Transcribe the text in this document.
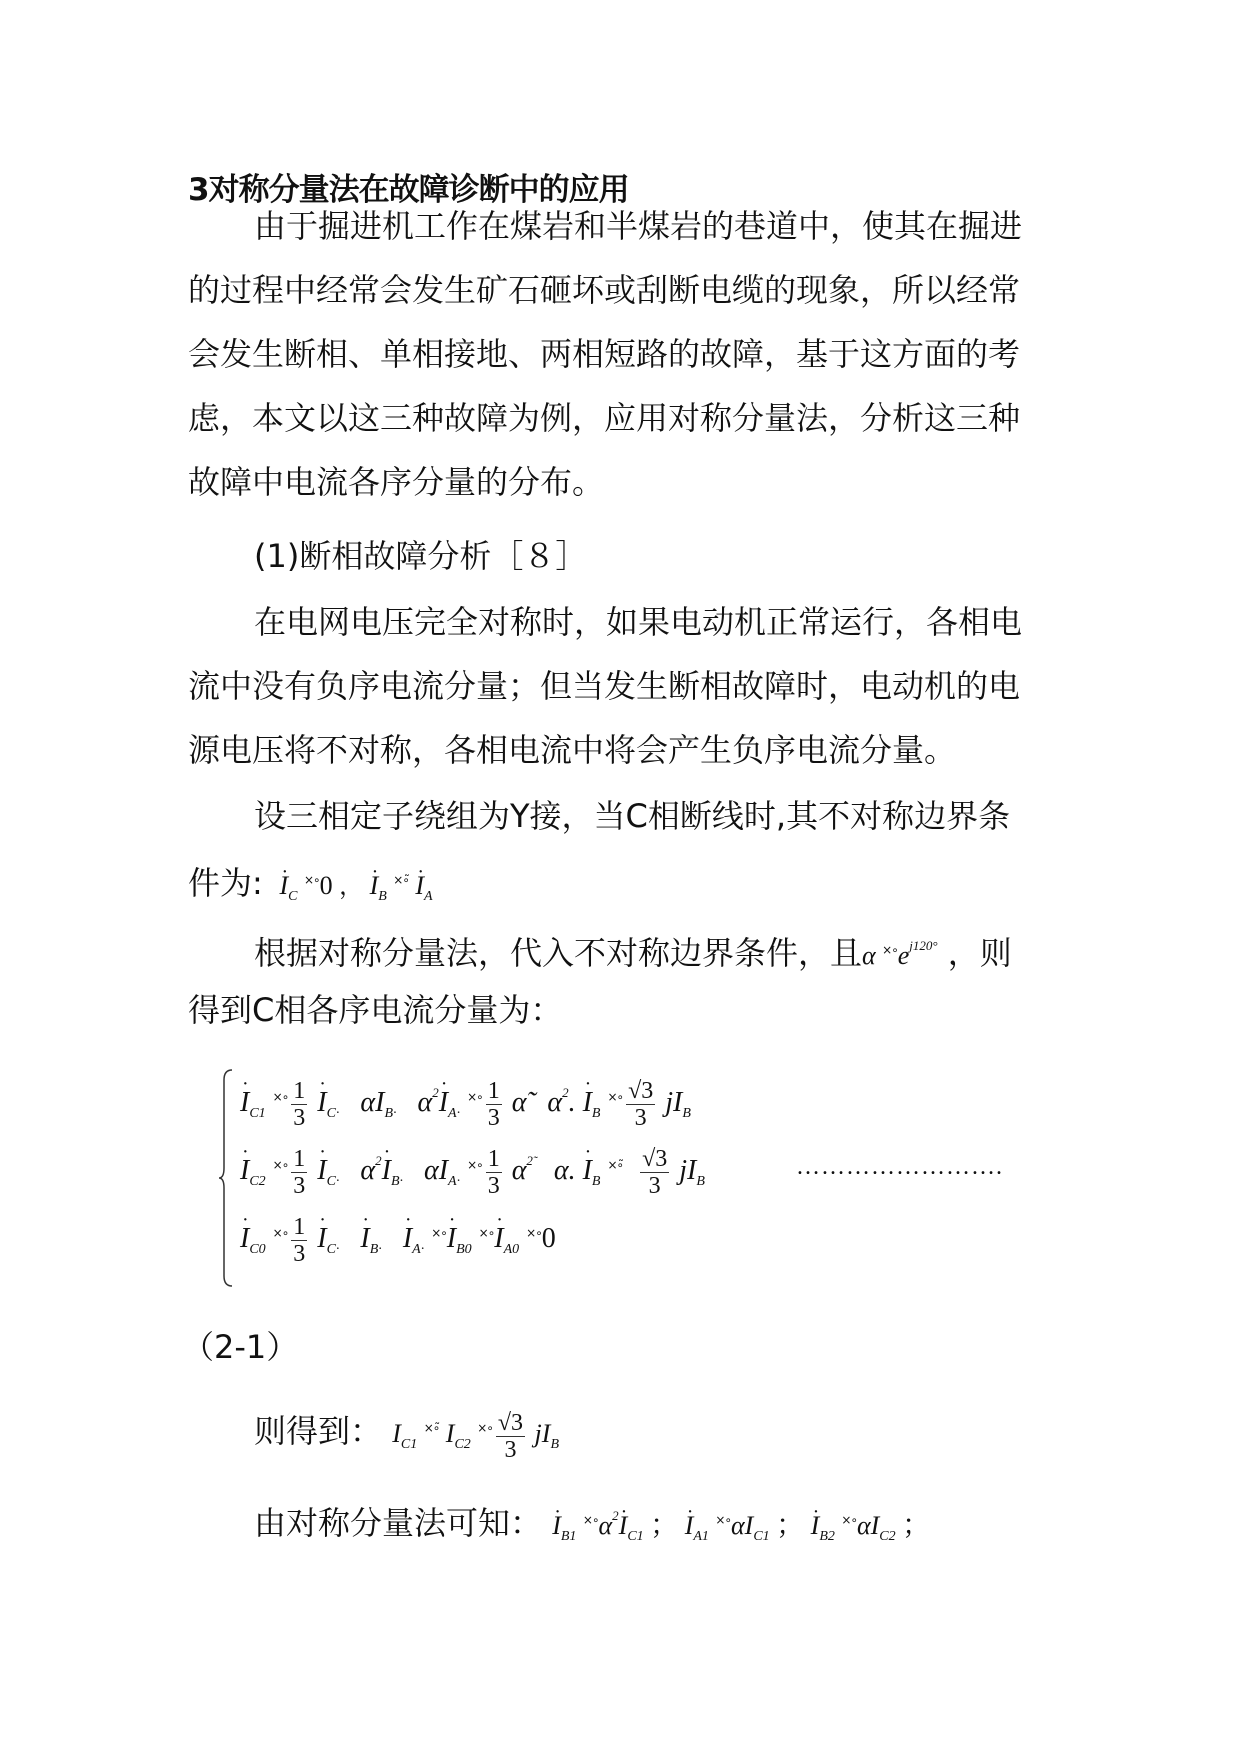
3对称分量法在故障诊断中的应用
由于掘进机工作在煤岩和半煤岩的巷道中，使其在掘进
的过程中经常会发生矿石砸坏或刮断电缆的现象，所以经常
会发生断相、单相接地、两相短路的故障，基于这方面的考
虑，本文以这三种故障为例，应用对称分量法，分析这三种
故障中电流各序分量的分布。
(1)断相故障分析［８］
在电网电压完全对称时，如果电动机正常运行，各相电
流中没有负序电流分量；但当发生断相故障时，电动机的电
源电压将不对称，各相电流中将会产生负序电流分量。
设三相定子绕组为Y接，当C相断线时,其不对称边界条
件为: · $I_C$ ×∘0 ， · $I_B$ $^{\times\circ̃} \cdot I_A$
根据对称分量法，代入不对称边界条件，且α $^{\times\circ}e^{j120^\circ}$ ，则
得到C相各序电流分量为：
· $I_{C1}$ $^{\times\circ} \frac{1}{3} \cdot I_{C\cdot}$ $\alpha I_{B\cdot}$ $\alpha^2\cdot I_{A\cdot}$ $^{\times\circ} \frac{1}{3}$ α̃ $\alpha^2$. · $I_B$ $^{\times\circ} \frac{√3}{3} jI_B$
· $I_{C2}$ $^{\times\circ} \frac{1}{3} \cdot I_{C\cdot}$ $\alpha^2\cdot I_{B\cdot}$ $\alpha I_{A\cdot}$ $^{\times\circ} \frac{1}{3} \alpha^{2̃}$ α. · $I_B$ $^{\times\circ̃} \frac{√3}{3} jI_B$
…………………….
· $I_{C0}$ $^{\times\circ} \frac{1}{3} \cdot I_{C\cdot} \cdot I_{B\cdot} \cdot I_{A\cdot}$ $^{\times\circ}\cdot I_{B0}$ $^{\times\circ}\cdot I_{A0}$ ×∘0
（2-1）
则得到： $I_{C1}$ ×∘̃ $I_{C2}$ $^{\times\circ} \frac{√3}{3} jI_B$
由对称分量法可知： · $I_{B1}$ $^{\times\circ}\alpha^2\cdot I_{C1}$ ； · $I_{A1}$ $^{\times\circ}\alpha I_{C1}$ ； · $I_{B2}$ $^{\times\circ}\alpha I_{C2}$ ；
